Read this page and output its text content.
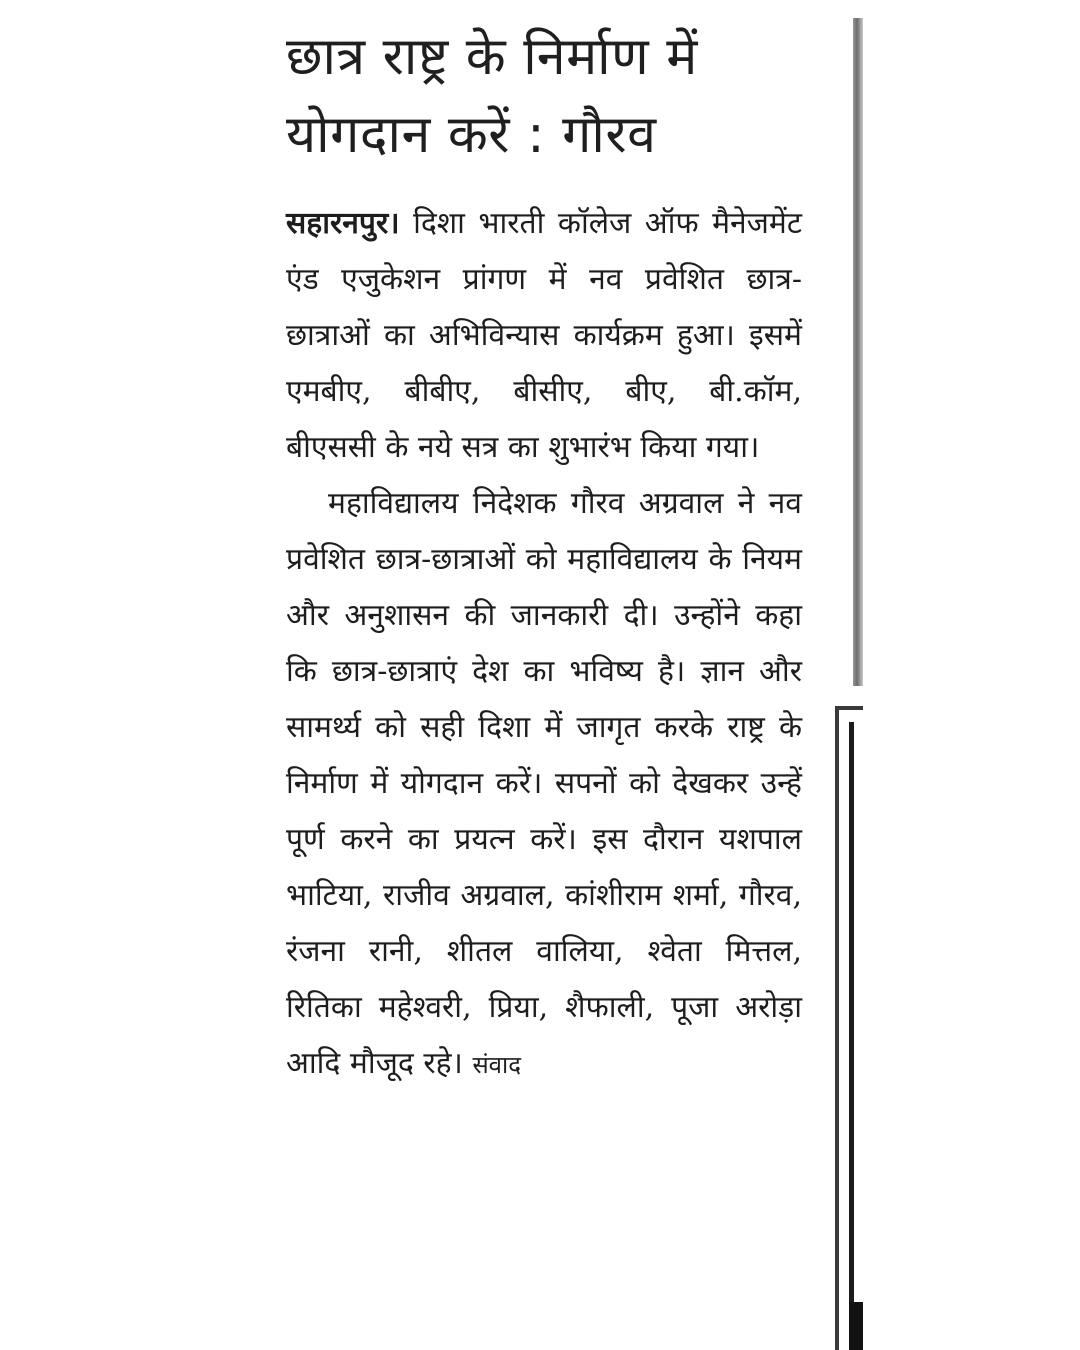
छात्र राष्ट्र के निर्माण में
योगदान करें : गौरव

सहारनपुर। दिशा भारती कॉलेज ऑफ मैनेजमेंट एंड एजुकेशन प्रांगण में नव प्रवेशित छात्र-छात्राओं का अभिविन्यास कार्यक्रम हुआ। इसमें एमबीए, बीबीए, बीसीए, बीए, बी.कॉम, बीएससी के नये सत्र का शुभारंभ किया गया।

महाविद्यालय निदेशक गौरव अग्रवाल ने नव प्रवेशित छात्र-छात्राओं को महाविद्यालय के नियम और अनुशासन की जानकारी दी। उन्होंने कहा कि छात्र-छात्राएं देश का भविष्य है। ज्ञान और सामर्थ्य को सही दिशा में जागृत करके राष्ट्र के निर्माण में योगदान करें। सपनों को देखकर उन्हें पूर्ण करने का प्रयत्न करें। इस दौरान यशपाल भाटिया, राजीव अग्रवाल, कांशीराम शर्मा, गौरव, रंजना रानी, शीतल वालिया, श्वेता मित्तल, रितिका महेश्वरी, प्रिया, शैफाली, पूजा अरोड़ा आदि मौजूद रहे। संवाद
